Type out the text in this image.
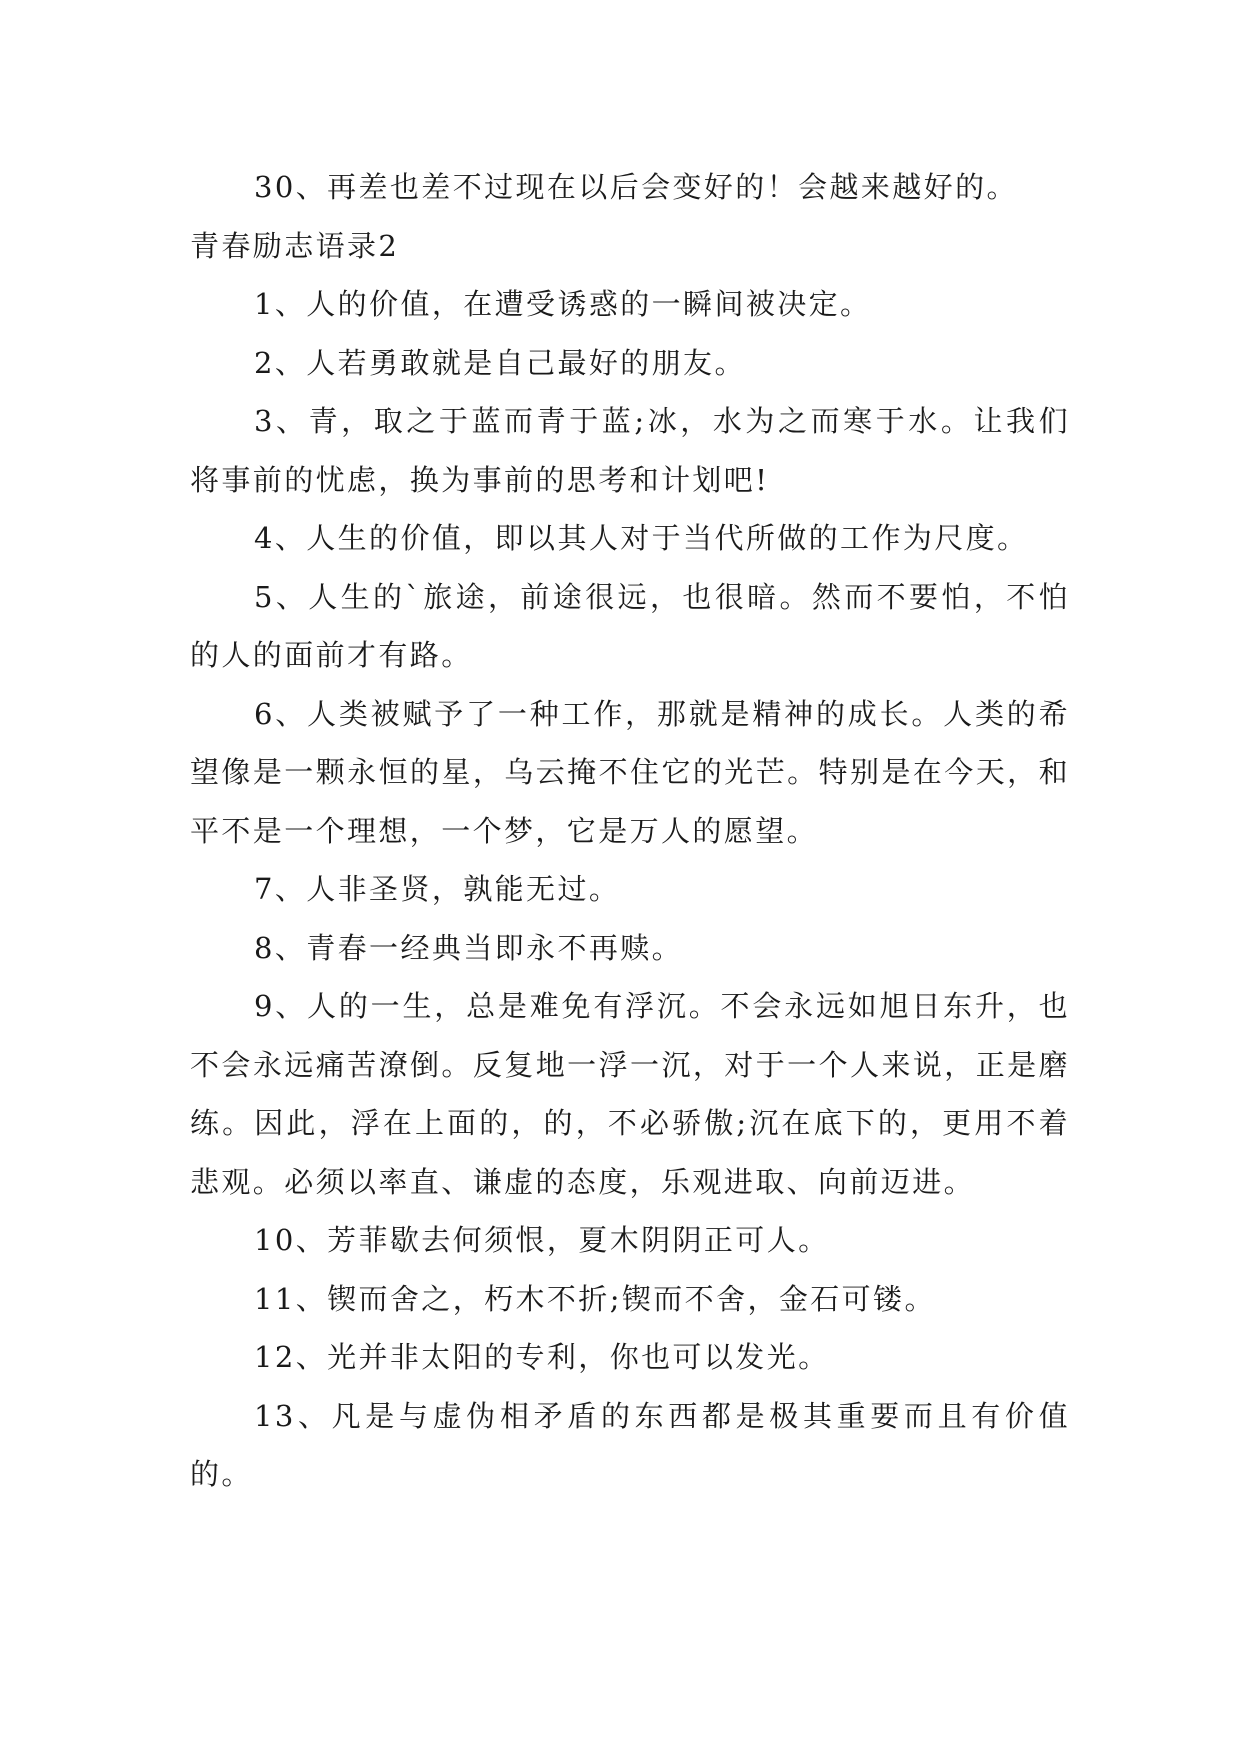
30、再差也差不过现在以后会变好的！会越来越好的。

青春励志语录2

1、人的价值，在遭受诱惑的一瞬间被决定。

2、人若勇敢就是自己最好的朋友。

3、青，取之于蓝而青于蓝;冰，水为之而寒于水。让我们将事前的忧虑，换为事前的思考和计划吧!

4、人生的价值，即以其人对于当代所做的工作为尺度。

5、人生的`旅途，前途很远，也很暗。然而不要怕，不怕的人的面前才有路。

6、人类被赋予了一种工作，那就是精神的成长。人类的希望像是一颗永恒的星，乌云掩不住它的光芒。特别是在今天，和平不是一个理想，一个梦，它是万人的愿望。

7、人非圣贤，孰能无过。

8、青春一经典当即永不再赎。

9、人的一生，总是难免有浮沉。不会永远如旭日东升，也不会永远痛苦潦倒。反复地一浮一沉，对于一个人来说，正是磨练。因此，浮在上面的，的，不必骄傲;沉在底下的，更用不着悲观。必须以率直、谦虚的态度，乐观进取、向前迈进。

10、芳菲歇去何须恨，夏木阴阴正可人。

11、锲而舍之，朽木不折;锲而不舍，金石可镂。

12、光并非太阳的专利，你也可以发光。

13、凡是与虚伪相矛盾的东西都是极其重要而且有价值的。
